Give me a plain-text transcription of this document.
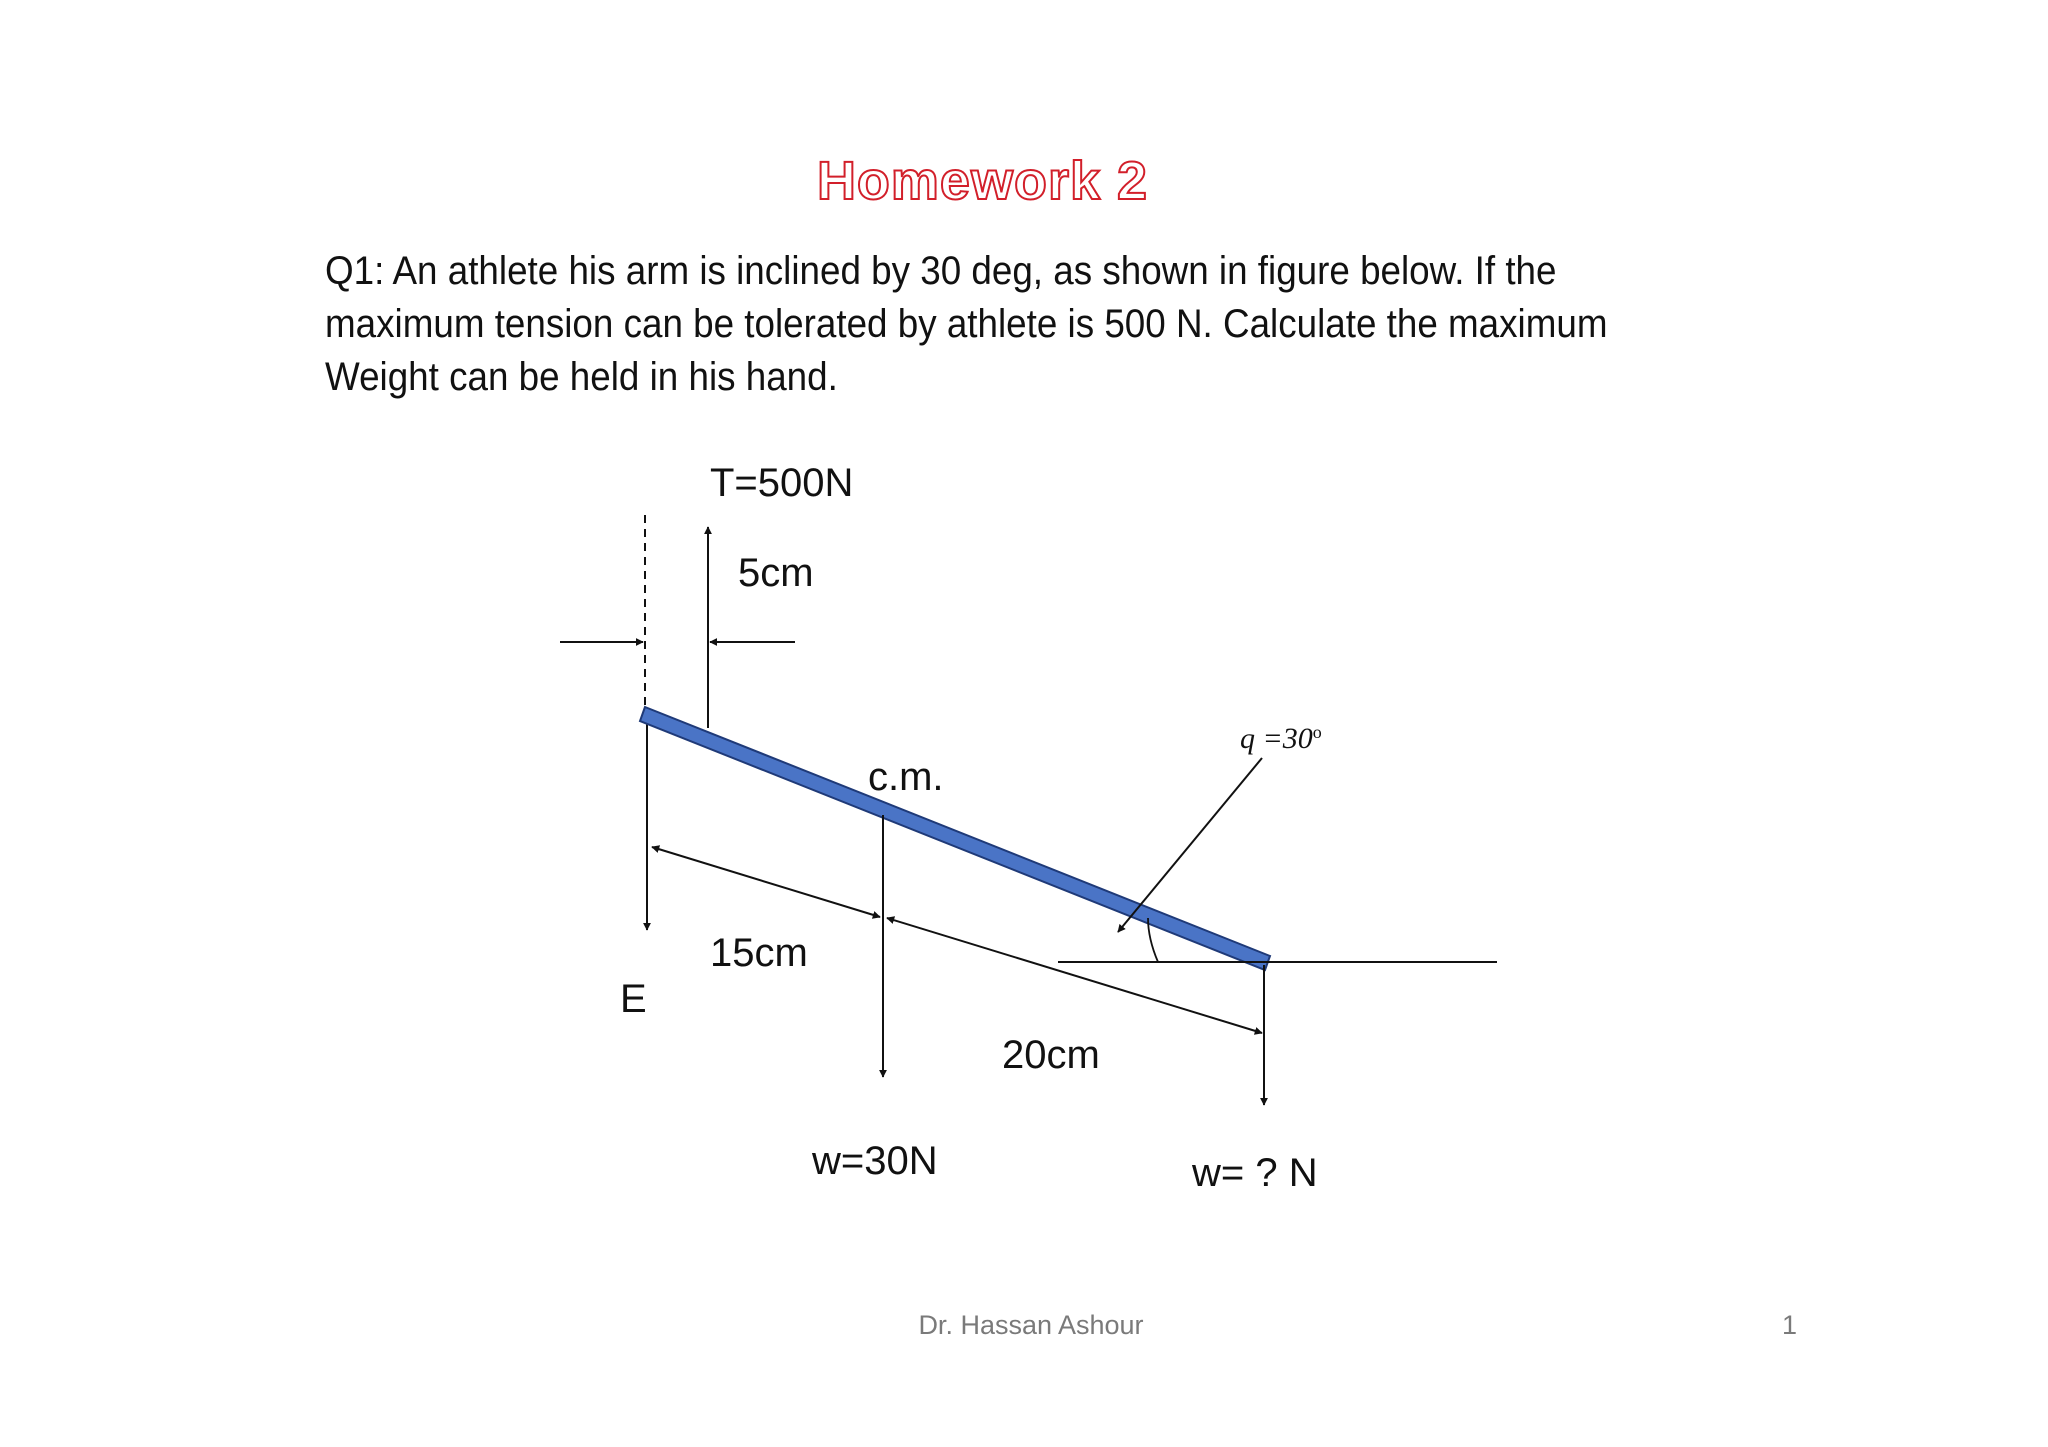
Homework 2
Q1: An athlete his arm is inclined by 30 deg, as shown in figure below. If the maximum tension can be tolerated by athlete is 500 N. Calculate the maximum Weight can be held in his hand.
T=500N
5cm
c.m.
$q =30^o$
15cm
E
20cm
w=30N	w= ? N
Dr. Hassan Ashour	1
